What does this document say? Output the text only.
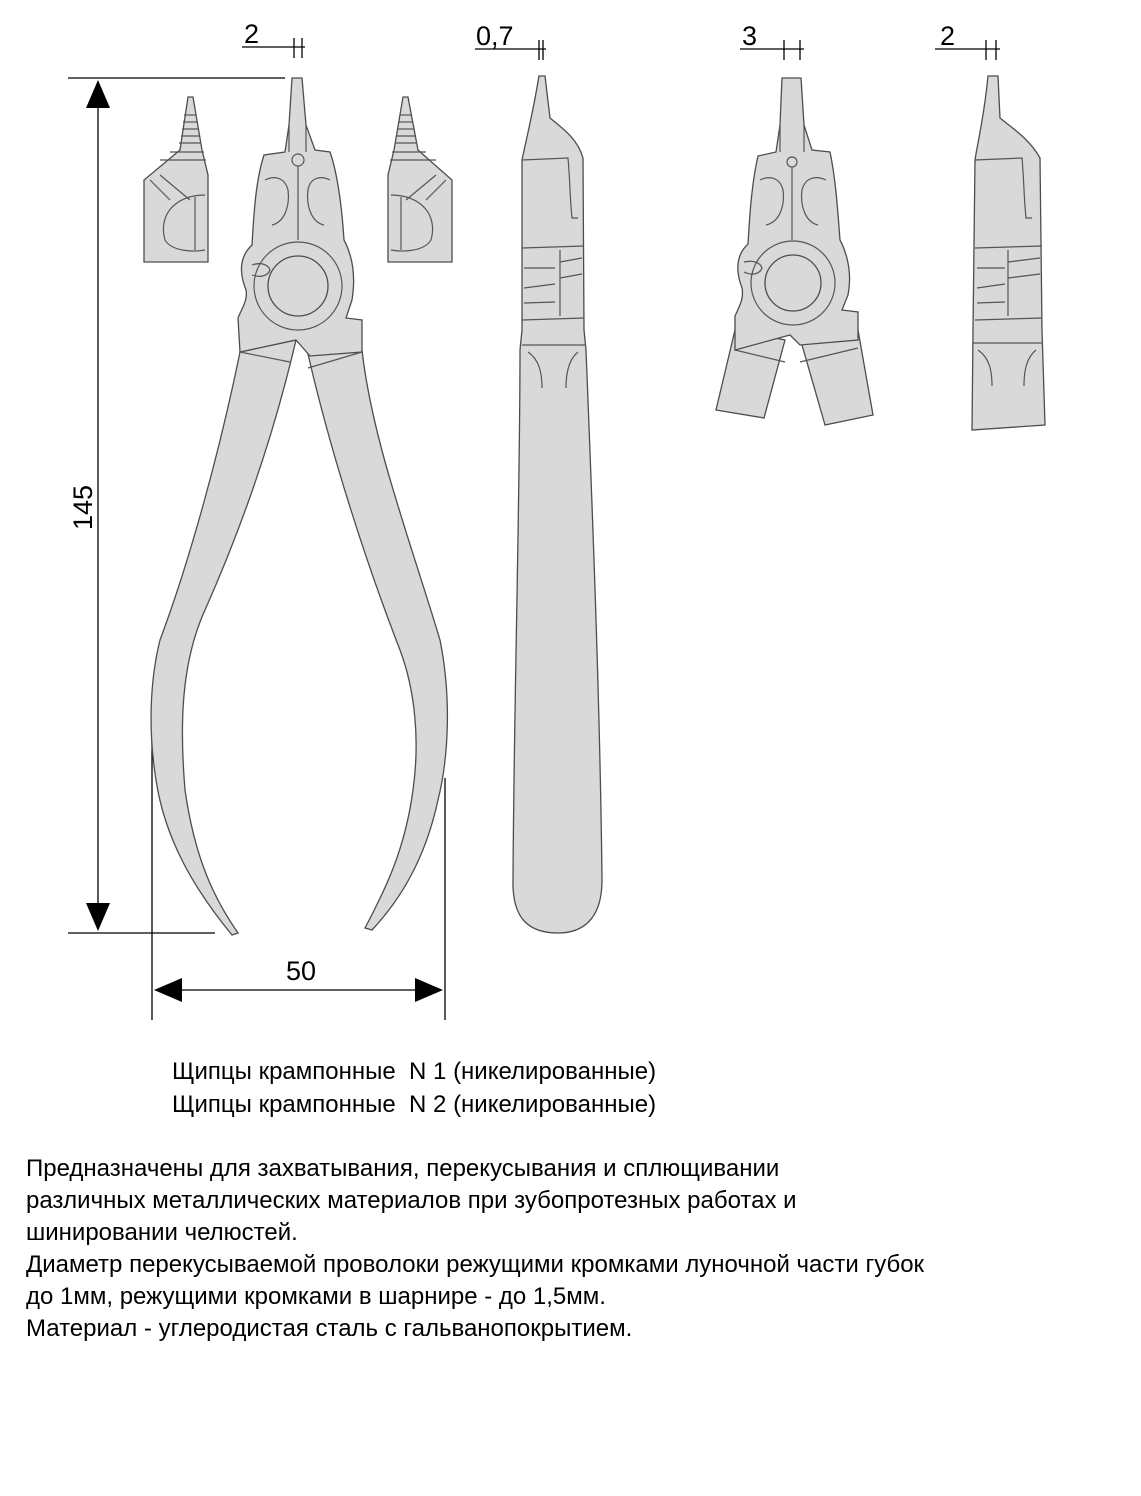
2	0,7	3	2
145
50
Щипцы крампонные  N 1 (никелированные)
Щипцы крампонные  N 2 (никелированные)
Предназначены для захватывания, перекусывания и сплющивании
различных металлических материалов при зубопротезных работах и
шинировании челюстей.
Диаметр перекусываемой проволоки режущими кромками луночной части губок
до 1мм, режущими кромками в шарнире - до 1,5мм.
Материал - углеродистая сталь с гальванопокрытием.
